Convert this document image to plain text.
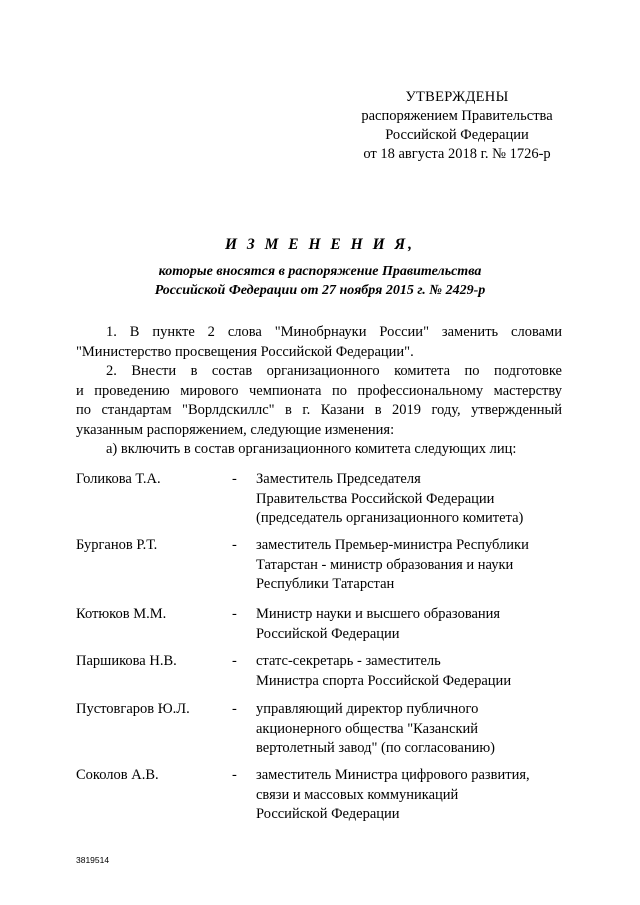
УТВЕРЖДЕНЫ
распоряжением Правительства
Российской Федерации
от 18 августа 2018 г. № 1726-р
И З М Е Н Е Н И Я,
которые вносятся в распоряжение Правительства
Российской Федерации от 27 ноября 2015 г. № 2429-р
1. В пункте 2 слова "Минобрнауки России" заменить словами
"Министерство просвещения Российской Федерации".
2. Внести в состав организационного комитета по подготовке
и проведению мирового чемпионата по профессиональному мастерству
по стандартам "Ворлдскиллс" в г. Казани в 2019 году, утвержденный
указанным распоряжением, следующие изменения:
а) включить в состав организационного комитета следующих лиц:
Голикова Т.А.	- Заместитель Председателя
Правительства Российской Федерации
(председатель организационного комитета)
Бурганов Р.Т.	- заместитель Премьер-министра Республики
Татарстан - министр образования и науки
Республики Татарстан
Котюков М.М.	- Министр науки и высшего образования
Российской Федерации
Паршикова Н.В.	- статс-секретарь - заместитель
Министра спорта Российской Федерации
Пустовгаров Ю.Л.	- управляющий директор публичного
акционерного общества "Казанский
вертолетный завод" (по согласованию)
Соколов А.В.	- заместитель Министра цифрового развития,
связи и массовых коммуникаций
Российской Федерации
3819514
